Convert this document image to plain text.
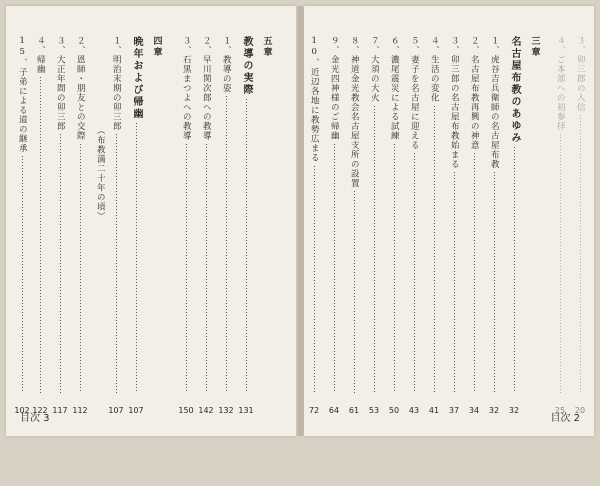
目次 3
五章
教導の実際
131
１、教導の姿
132
２、早川関次郎への教導
142
３、石黒まつよへの教導
150
四章
晩年および帰幽
107
１、明治末期の卯三郎
107
（布教満二十年の頃）
２、恩師・朋友との交際
112
３、大正年間の卯三郎
117
４、帰幽
122
15、子弟による道の継承
102
目次 2
３、卯三郎の入信
20
４、ご本部への初参拝
25
三章
名古屋布教のあゆみ
32
１、虎谷吉兵衛師の名古屋布教
32
２、名古屋布教再興の神意
34
３、卯三郎の名古屋布教始まる
37
４、生活の変化
41
５、妻子を名古屋に迎える
43
６、濃尾震災による試練
50
７、大須の大火
53
８、神道金光教会名古屋支所の設置
61
９、金光四神様のご帰幽
64
10、近辺各地に教勢広まる
72
